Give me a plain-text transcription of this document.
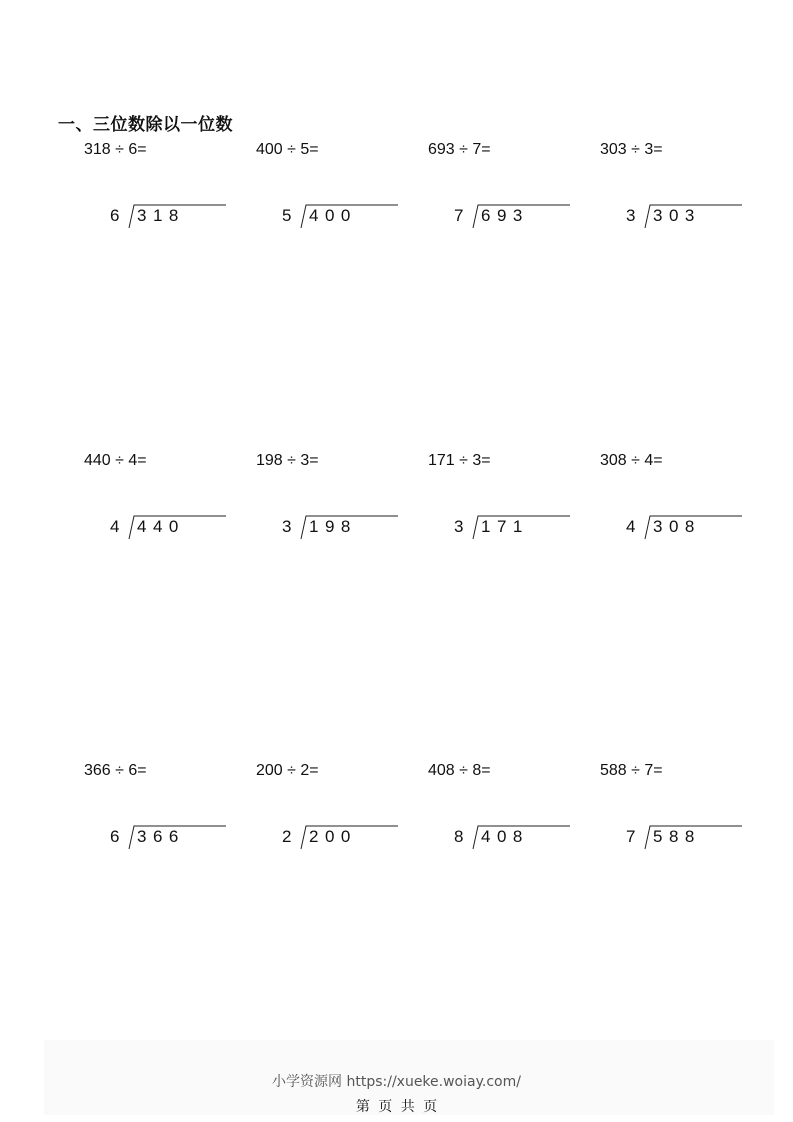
一、三位数除以一位数
318 ÷ 6=
6 318
400 ÷ 5=
5 400
693 ÷ 7=
7 693
303 ÷ 3=
3 303
440 ÷ 4=
4 440
198 ÷ 3=
3 198
171 ÷ 3=
3 171
308 ÷ 4=
4 308
366 ÷ 6=
6 366
200 ÷ 2=
2 200
408 ÷ 8=
8 408
588 ÷ 7=
7 588
小学资源网 https://xueke.woiay.com/
第 页 共 页
